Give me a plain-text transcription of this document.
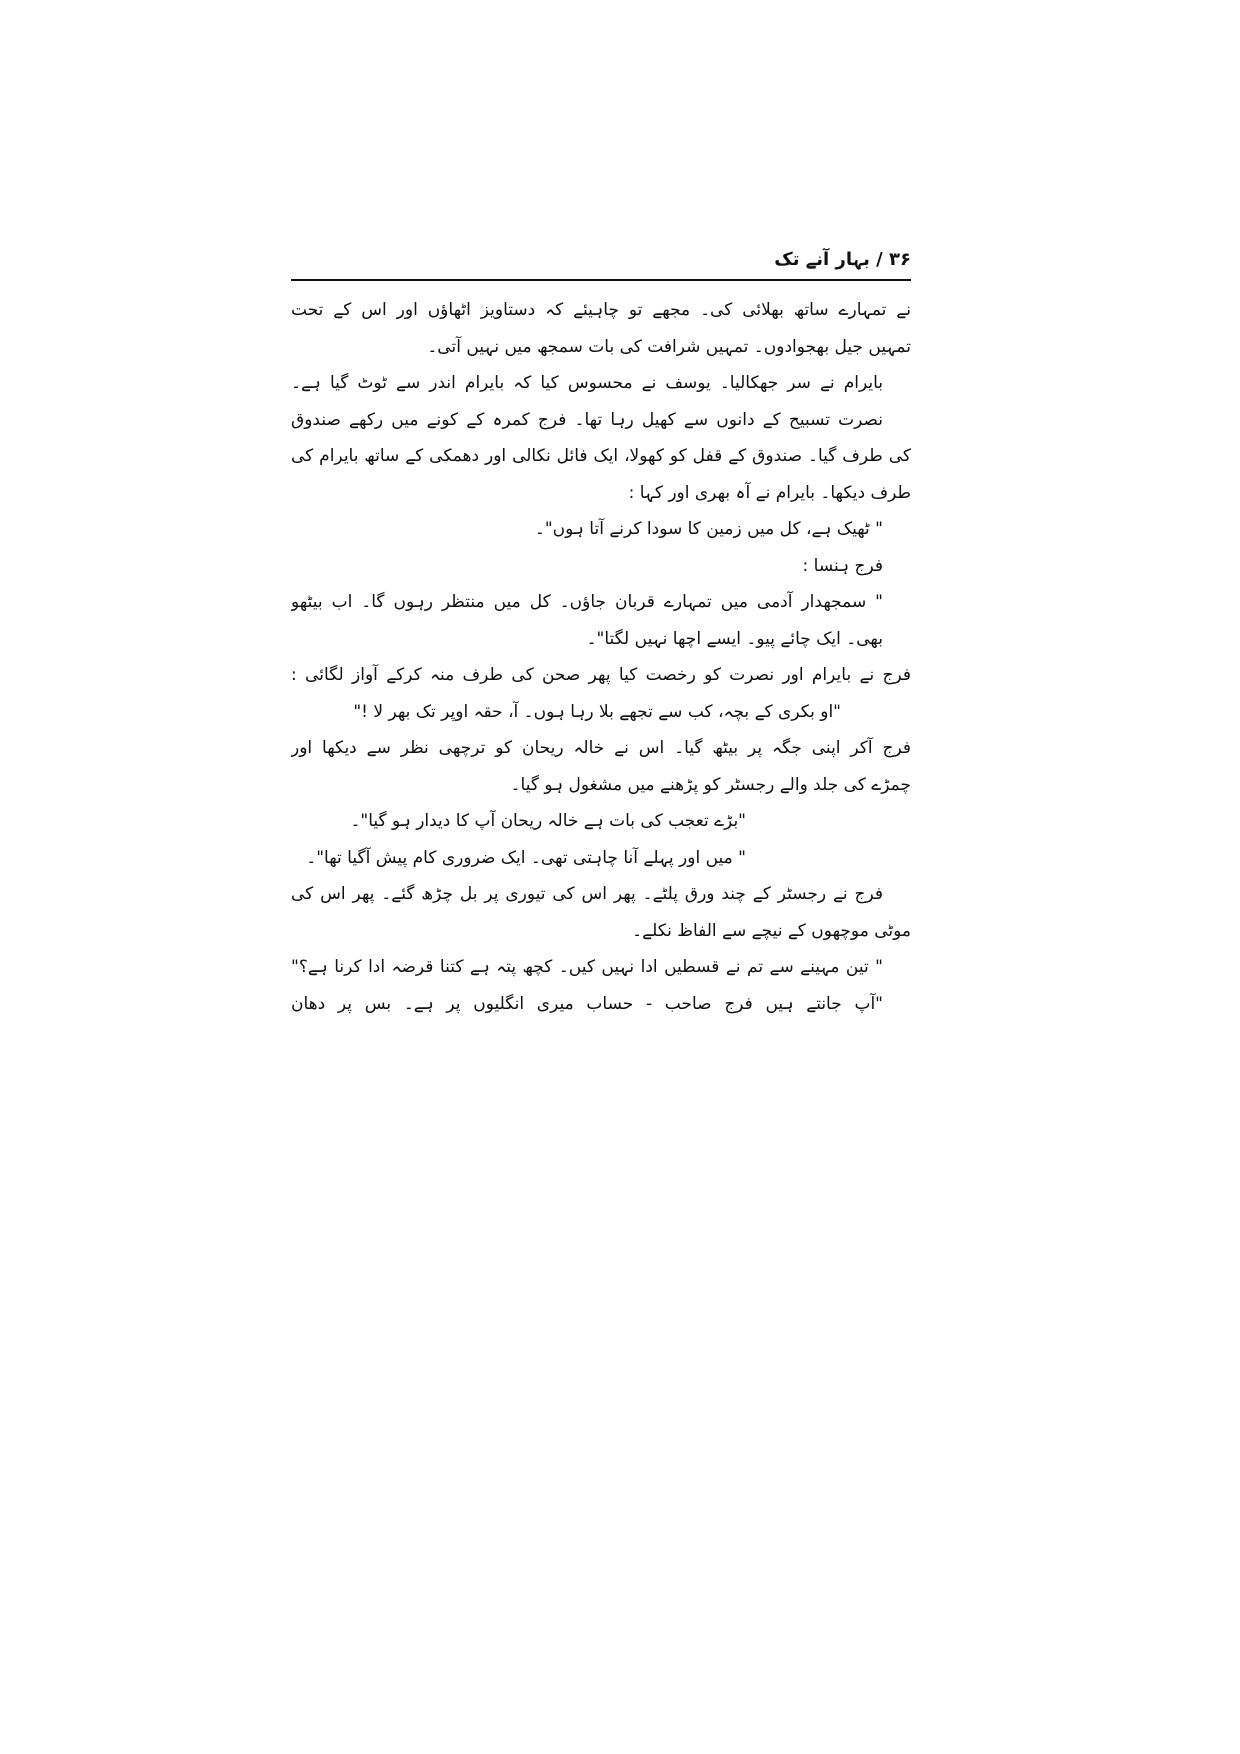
۳۶ / بہار آنے تک
نے تمہارے ساتھ بھلائی کی۔ مجھے تو چاہیئے کہ دستاویز اٹھاؤں اور اس کے تحت
تمہیں جیل بھجوادوں۔ تمہیں شرافت کی بات سمجھ میں نہیں آتی۔
بایرام نے سر جھکالیا۔ یوسف نے محسوس کیا کہ بایرام اندر سے ٹوٹ گیا ہے۔
نصرت تسبیح کے دانوں سے کھیل رہا تھا۔ فرج کمرہ کے کونے میں رکھے صندوق
کی طرف گیا۔ صندوق کے قفل کو کھولا، ایک فائل نکالی اور دھمکی کے ساتھ بایرام کی
طرف دیکھا۔ بایرام نے آہ بھری اور کہا :
" ٹھیک ہے، کل میں زمین کا سودا کرنے آتا ہوں"۔
فرج ہنسا :
" سمجھدار آدمی میں تمہارے قربان جاؤں۔ کل میں منتظر رہوں گا۔ اب بیٹھو
بھی۔ ایک چائے پیو۔ ایسے اچھا نہیں لگتا"۔
فرج نے بایرام اور نصرت کو رخصت کیا پھر صحن کی طرف منہ کرکے آواز لگائی :
"او بکری کے بچہ، کب سے تجھے بلا رہا ہوں۔ آ، حقہ اوپر تک بھر لا !"
فرج آکر اپنی جگہ پر بیٹھ گیا۔ اس نے خالہ ریحان کو ترچھی نظر سے دیکھا اور
چمڑے کی جلد والے رجسٹر کو پڑھنے میں مشغول ہو گیا۔
"بڑے تعجب کی بات ہے خالہ ریحان آپ کا دیدار ہو گیا"۔
" میں اور پہلے آنا چاہتی تھی۔ ایک ضروری کام پیش آگیا تھا"۔
فرج نے رجسٹر کے چند ورق پلٹے۔ پھر اس کی تیوری پر بل چڑھ گئے۔ پھر اس کی
موٹی موچھوں کے نیچے سے الفاظ نکلے۔
" تین مہینے سے تم نے قسطیں ادا نہیں کیں۔ کچھ پتہ ہے کتنا قرضہ ادا کرنا ہے؟"
"آپ جانتے ہیں فرج صاحب - حساب میری انگلیوں پر ہے۔ بس پر دھان
